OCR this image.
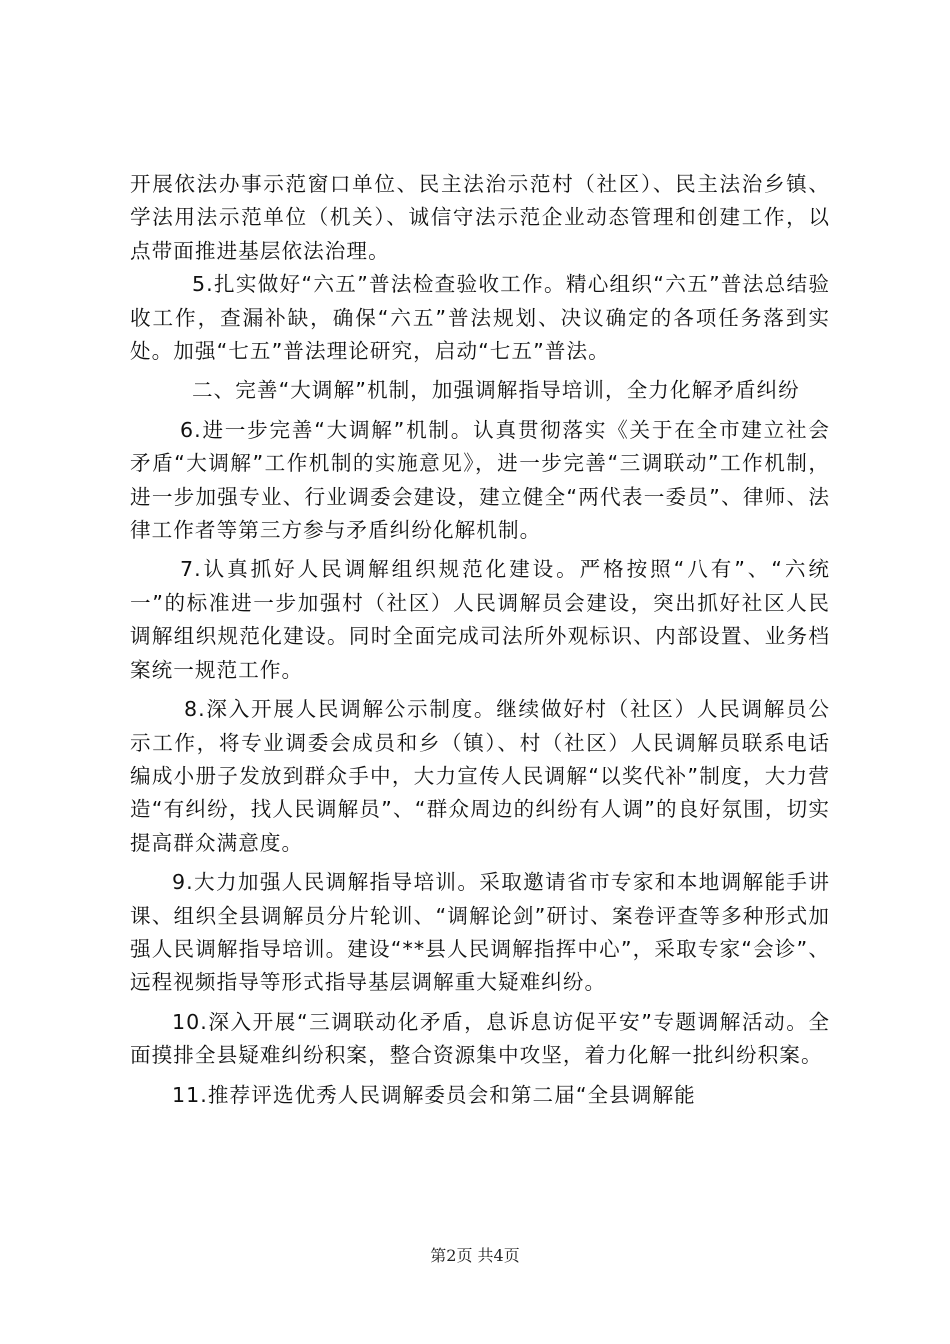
开展依法办事示范窗口单位、民主法治示范村（社区）、民主法治乡镇、学法用法示范单位（机关）、诚信守法示范企业动态管理和创建工作，以点带面推进基层依法治理。

5.扎实做好“六五”普法检查验收工作。精心组织“六五”普法总结验收工作，查漏补缺，确保“六五”普法规划、决议确定的各项任务落到实处。加强“七五”普法理论研究，启动“七五”普法。

二、完善“大调解”机制，加强调解指导培训，全力化解矛盾纠纷

6.进一步完善“大调解”机制。认真贯彻落实《关于在全市建立社会矛盾“大调解”工作机制的实施意见》，进一步完善“三调联动”工作机制，进一步加强专业、行业调委会建设，建立健全“两代表一委员”、律师、法律工作者等第三方参与矛盾纠纷化解机制。

7.认真抓好人民调解组织规范化建设。严格按照“八有”、“六统一”的标准进一步加强村（社区）人民调解员会建设，突出抓好社区人民调解组织规范化建设。同时全面完成司法所外观标识、内部设置、业务档案统一规范工作。

8.深入开展人民调解公示制度。继续做好村（社区）人民调解员公示工作，将专业调委会成员和乡（镇）、村（社区）人民调解员联系电话编成小册子发放到群众手中，大力宣传人民调解“以奖代补”制度，大力营造“有纠纷，找人民调解员”、“群众周边的纠纷有人调”的良好氛围，切实提高群众满意度。

9.大力加强人民调解指导培训。采取邀请省市专家和本地调解能手讲课、组织全县调解员分片轮训、“调解论剑”研讨、案卷评查等多种形式加强人民调解指导培训。建设“**县人民调解指挥中心”，采取专家“会诊”、远程视频指导等形式指导基层调解重大疑难纠纷。

10.深入开展“三调联动化矛盾，息诉息访促平安”专题调解活动。全面摸排全县疑难纠纷积案，整合资源集中攻坚，着力化解一批纠纷积案。

11.推荐评选优秀人民调解委员会和第二届“全县调解能

第2页 共4页
